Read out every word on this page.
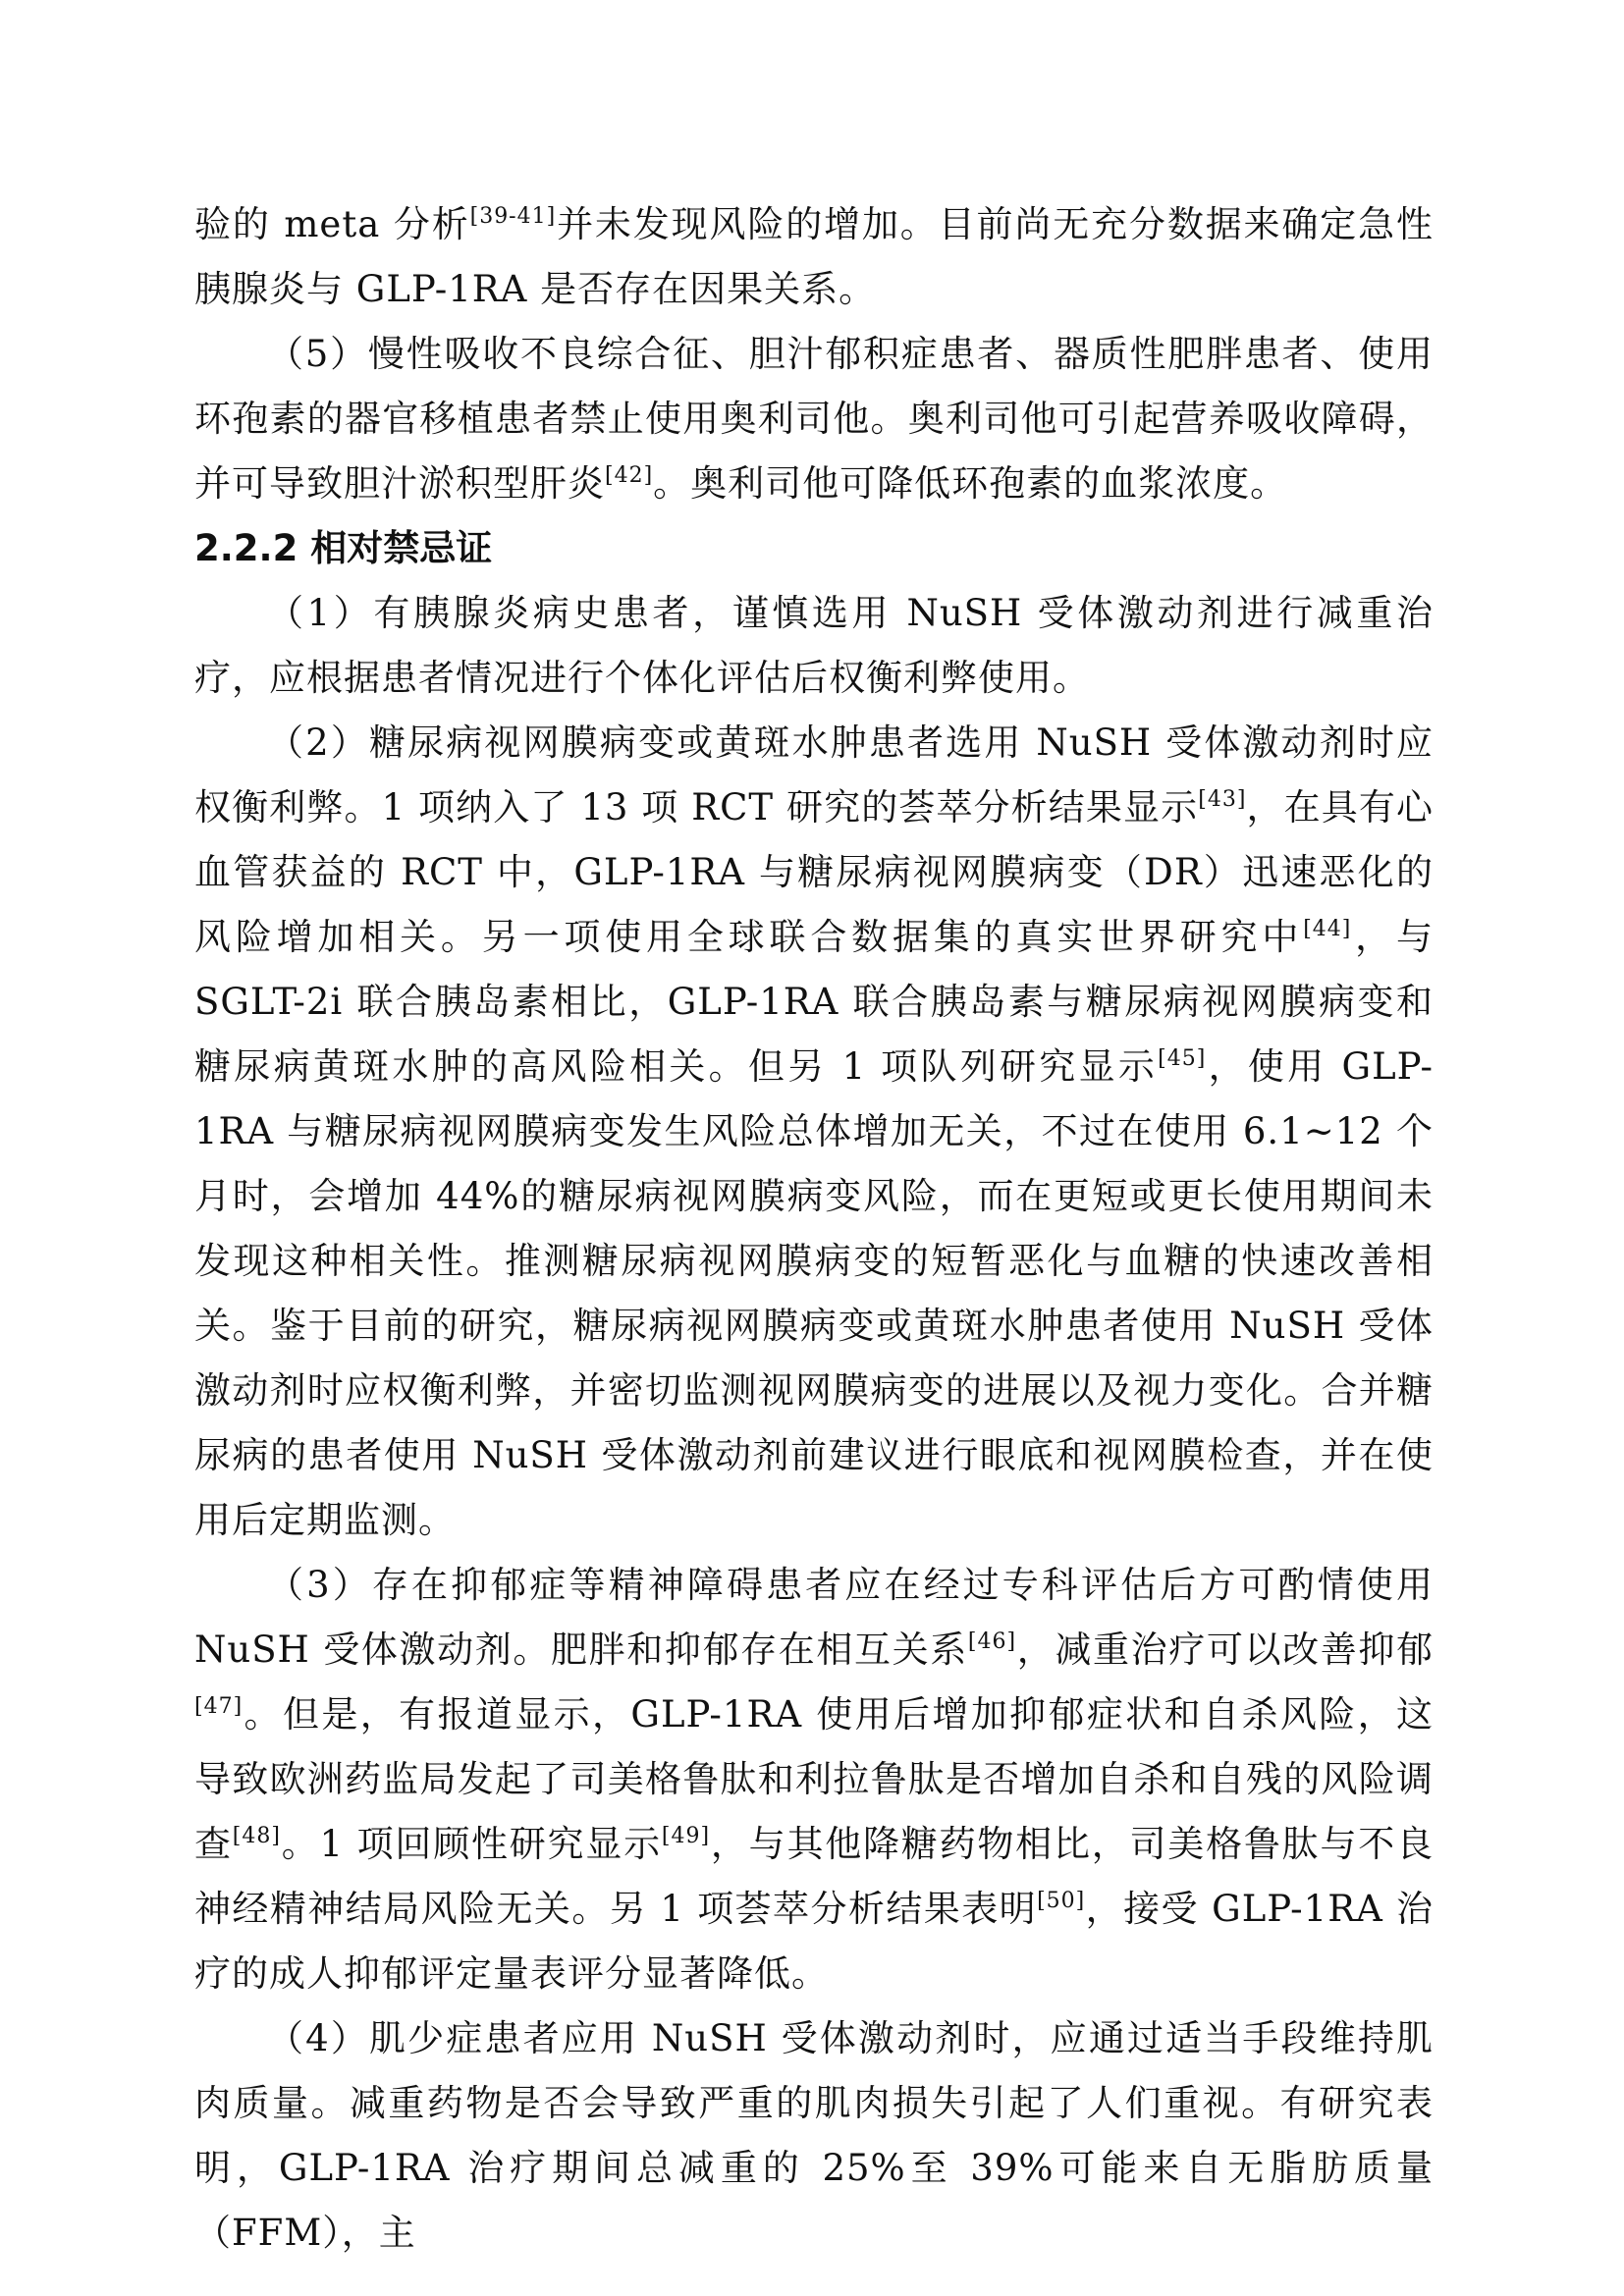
验的 meta 分析[39-41]并未发现风险的增加。目前尚无充分数据来确定急性胰腺炎与 GLP-1RA 是否存在因果关系。

（5）慢性吸收不良综合征、胆汁郁积症患者、器质性肥胖患者、使用环孢素的器官移植患者禁止使用奥利司他。奥利司他可引起营养吸收障碍，并可导致胆汁淤积型肝炎[42]。奥利司他可降低环孢素的血浆浓度。

2.2.2 相对禁忌证

（1）有胰腺炎病史患者，谨慎选用 NuSH 受体激动剂进行减重治疗，应根据患者情况进行个体化评估后权衡利弊使用。

（2）糖尿病视网膜病变或黄斑水肿患者选用 NuSH 受体激动剂时应权衡利弊。1 项纳入了 13 项 RCT 研究的荟萃分析结果显示[43]，在具有心血管获益的 RCT 中，GLP-1RA 与糖尿病视网膜病变（DR）迅速恶化的风险增加相关。另一项使用全球联合数据集的真实世界研究中[44]，与 SGLT-2i 联合胰岛素相比，GLP-1RA 联合胰岛素与糖尿病视网膜病变和糖尿病黄斑水肿的高风险相关。但另 1 项队列研究显示[45]，使用 GLP-1RA 与糖尿病视网膜病变发生风险总体增加无关，不过在使用 6.1~12 个月时，会增加 44%的糖尿病视网膜病变风险，而在更短或更长使用期间未发现这种相关性。推测糖尿病视网膜病变的短暂恶化与血糖的快速改善相关。鉴于目前的研究，糖尿病视网膜病变或黄斑水肿患者使用 NuSH 受体激动剂时应权衡利弊，并密切监测视网膜病变的进展以及视力变化。合并糖尿病的患者使用 NuSH 受体激动剂前建议进行眼底和视网膜检查，并在使用后定期监测。

（3）存在抑郁症等精神障碍患者应在经过专科评估后方可酌情使用 NuSH 受体激动剂。肥胖和抑郁存在相互关系[46]，减重治疗可以改善抑郁[47]。但是，有报道显示，GLP-1RA 使用后增加抑郁症状和自杀风险，这导致欧洲药监局发起了司美格鲁肽和利拉鲁肽是否增加自杀和自残的风险调查[48]。1 项回顾性研究显示[49]，与其他降糖药物相比，司美格鲁肽与不良神经精神结局风险无关。另 1 项荟萃分析结果表明[50]，接受 GLP-1RA 治疗的成人抑郁评定量表评分显著降低。

（4）肌少症患者应用 NuSH 受体激动剂时，应通过适当手段维持肌肉质量。减重药物是否会导致严重的肌肉损失引起了人们重视。有研究表明，GLP-1RA 治疗期间总减重的 25%至 39%可能来自无脂肪质量（FFM），主
